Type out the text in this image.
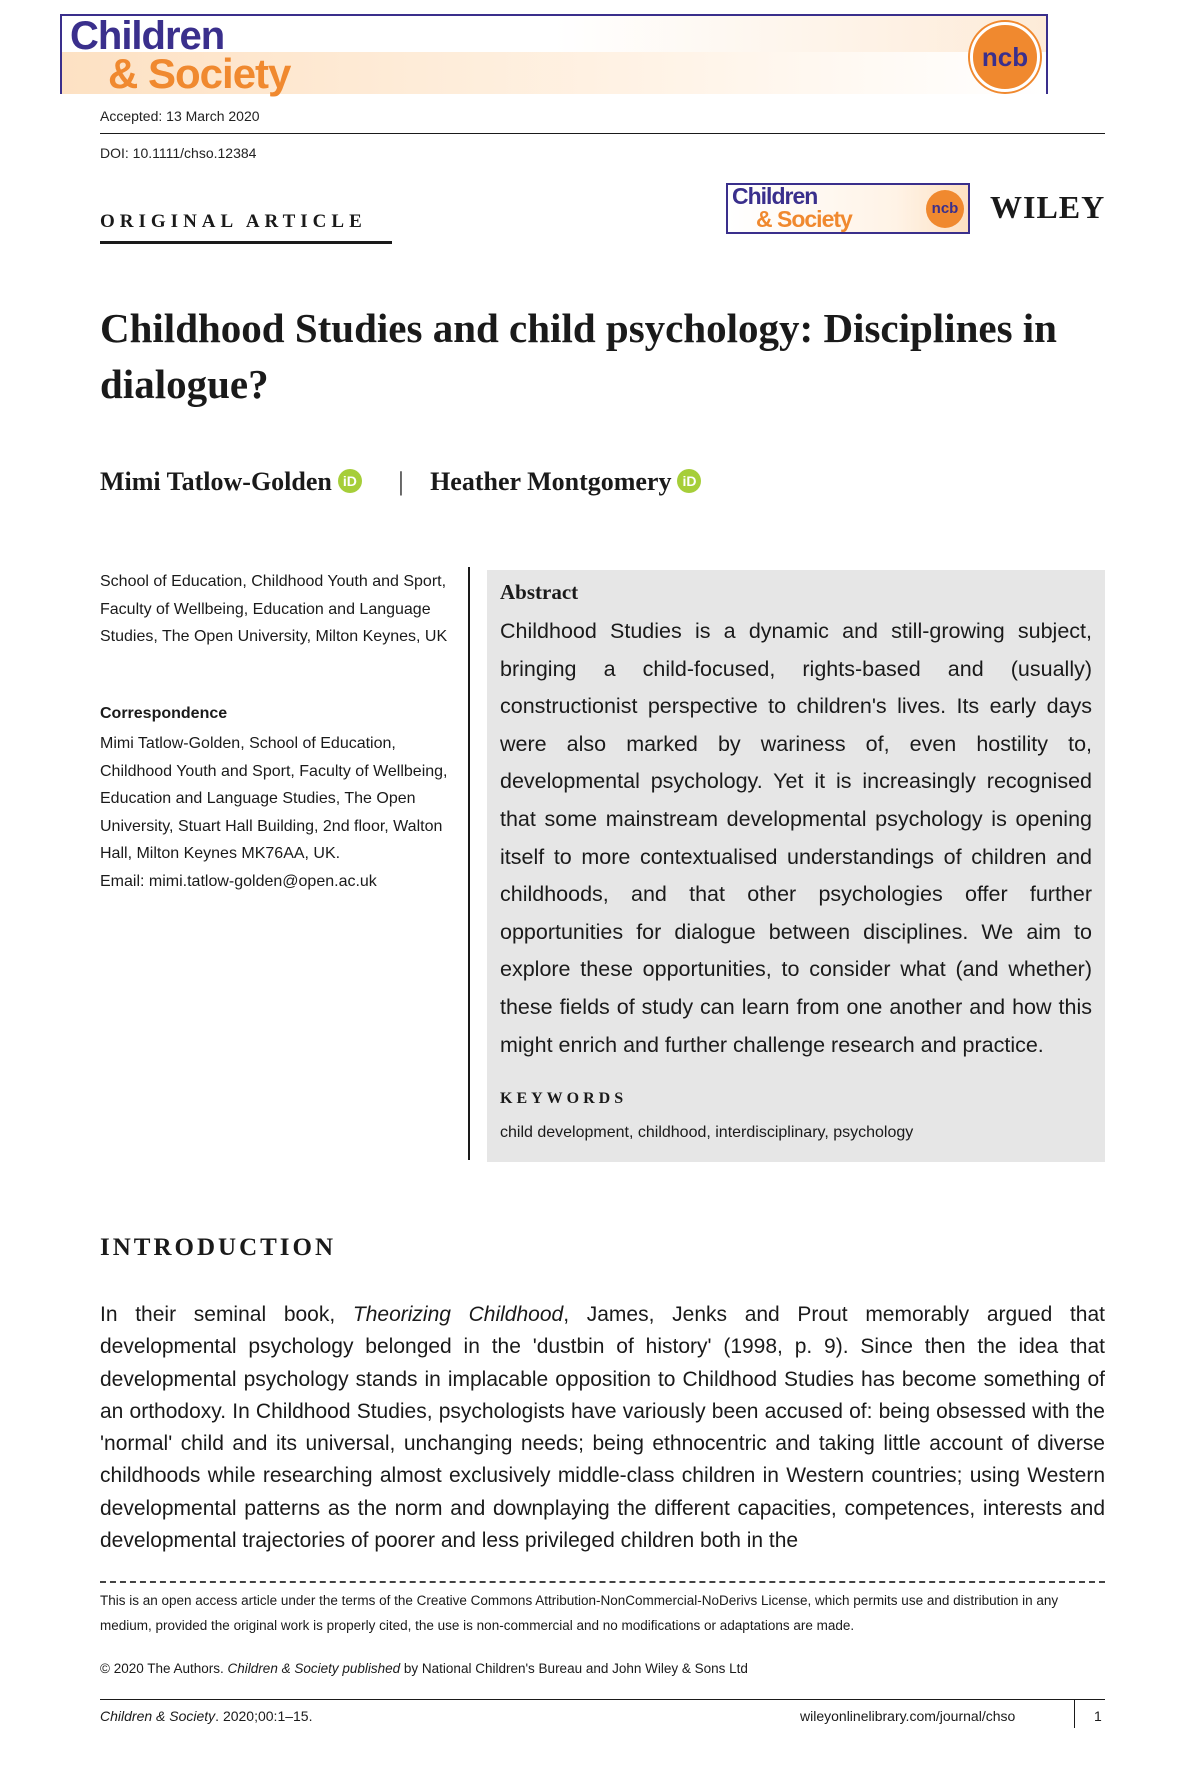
Children
& Society	ncb
Accepted: 13 March 2020
DOI: 10.1111/chso.12384
ORIGINAL ARTICLE
Children
& Society	ncb WILEY
Childhood Studies and child psychology: Disciplines in dialogue?
Mimi Tatlow-Golden iD | Heather Montgomery iD
School of Education, Childhood Youth and Sport, Faculty of Wellbeing, Education and Language Studies, The Open University, Milton Keynes, UK
Correspondence
Mimi Tatlow-Golden, School of Education, Childhood Youth and Sport, Faculty of Wellbeing, Education and Language Studies, The Open University, Stuart Hall Building, 2nd floor, Walton Hall, Milton Keynes MK76AA, UK.
Email: mimi.tatlow-golden@open.ac.uk
Abstract
Childhood Studies is a dynamic and still-growing subject, bringing a child-focused, rights-based and (usually) constructionist perspective to children's lives. Its early days were also marked by wariness of, even hostility to, developmental psychology. Yet it is increasingly recognised that some mainstream developmental psychology is opening itself to more contextualised understandings of children and childhoods, and that other psychologies offer further opportunities for dialogue between disciplines. We aim to explore these opportunities, to consider what (and whether) these fields of study can learn from one another and how this might enrich and further challenge research and practice.
KEYWORDS
child development, childhood, interdisciplinary, psychology
INTRODUCTION
In their seminal book, Theorizing Childhood, James, Jenks and Prout memorably argued that developmental psychology belonged in the 'dustbin of history' (1998, p. 9). Since then the idea that developmental psychology stands in implacable opposition to Childhood Studies has become something of an orthodoxy. In Childhood Studies, psychologists have variously been accused of: being obsessed with the 'normal' child and its universal, unchanging needs; being ethnocentric and taking little account of diverse childhoods while researching almost exclusively middle-class children in Western countries; using Western developmental patterns as the norm and downplaying the different capacities, competences, interests and developmental trajectories of poorer and less privileged children both in the
This is an open access article under the terms of the Creative Commons Attribution-NonCommercial-NoDerivs License, which permits use and distribution in any medium, provided the original work is properly cited, the use is non-commercial and no modifications or adaptations are made.
© 2020 The Authors. Children & Society published by National Children's Bureau and John Wiley & Sons Ltd
Children & Society. 2020;00:1–15.	wileyonlinelibrary.com/journal/chso	1
